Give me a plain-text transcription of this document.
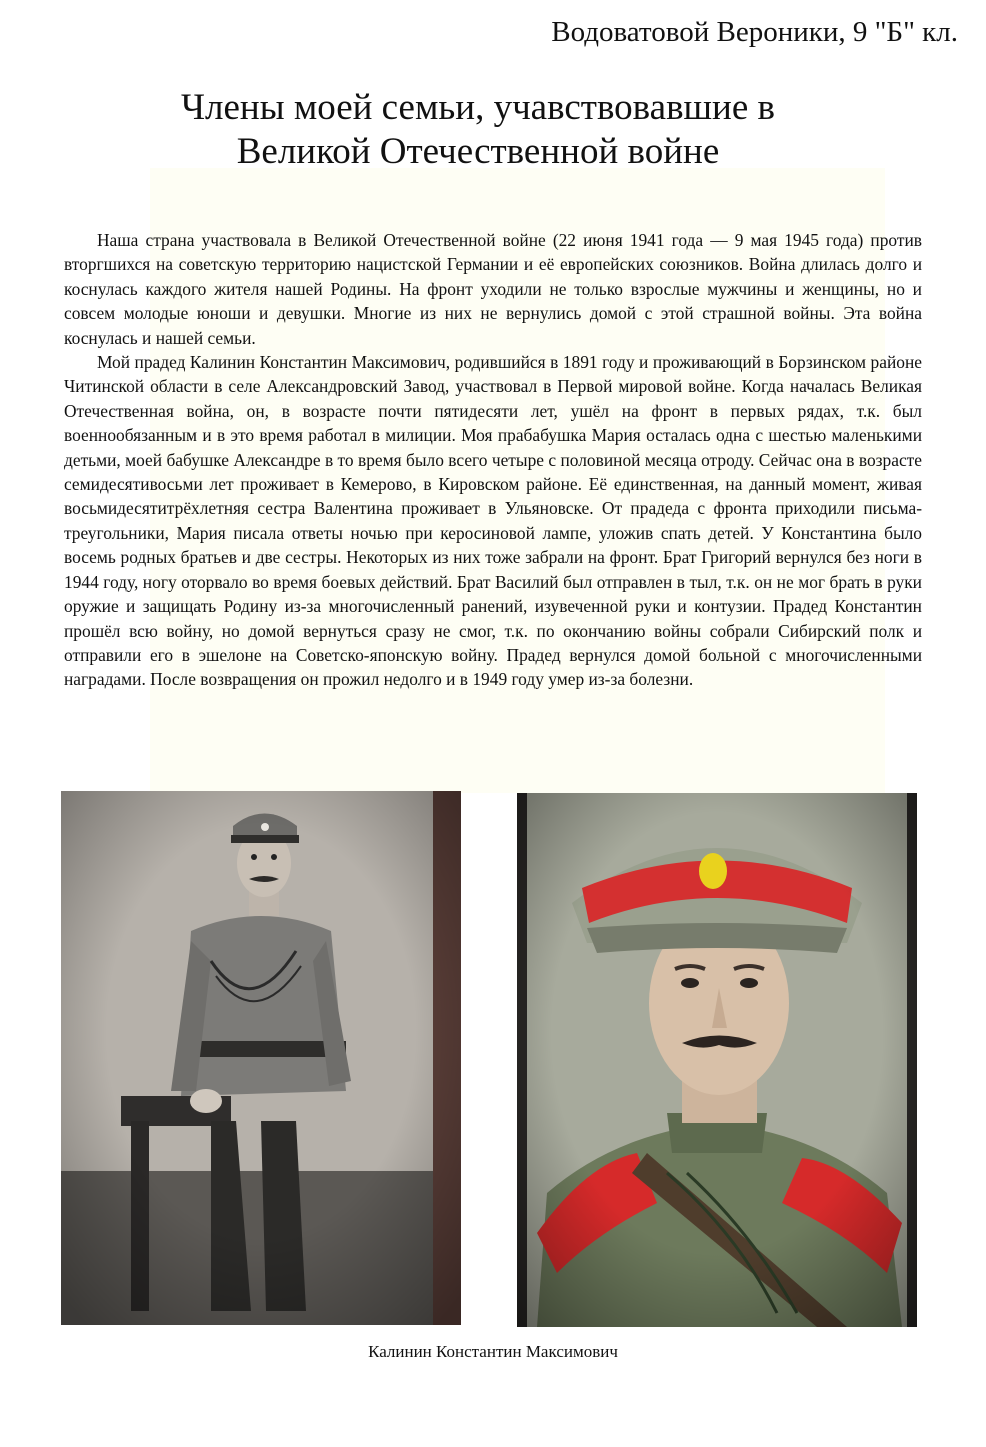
Водоватовой Вероники, 9 "Б" кл.
Члены моей семьи, учавствовавшие в
Великой Отечественной войне

Наша страна участвовала в Великой Отечественной войне (22 июня 1941 года — 9 мая 1945 года) против вторгшихся на советскую территорию нацистской Германии и её европейских союзников. Война длилась долго и коснулась каждого жителя нашей Родины. На фронт уходили не только взрослые мужчины и женщины, но и совсем молодые юноши и девушки. Многие из них не вернулись домой с этой страшной войны. Эта война коснулась и нашей семьи.

Мой прадед Калинин Константин Максимович, родившийся в 1891 году и проживающий в Борзинском районе Читинской области в селе Александровский Завод, участвовал в Первой мировой войне. Когда началась Великая Отечественная война, он, в возрасте почти пятидесяти лет, ушёл на фронт в первых рядах, т.к. был военнообязанным и в это время работал в милиции. Моя прабабушка Мария осталась одна с шестью маленькими детьми, моей бабушке Александре в то время было всего четыре с половиной месяца отроду. Сейчас она в возрасте семидесятивосьми лет проживает в Кемерово, в Кировском районе. Её единственная, на данный момент, живая восьмидесятитрёхлетняя сестра Валентина проживает в Ульяновске. От прадеда с фронта приходили письма-треугольники, Мария писала ответы ночью при керосиновой лампе, уложив спать детей. У Константина было восемь родных братьев и две сестры. Некоторых из них тоже забрали на фронт. Брат Григорий вернулся без ноги в 1944 году, ногу оторвало во время боевых действий. Брат Василий был отправлен в тыл, т.к. он не мог брать в руки оружие и защищать Родину из-за многочисленный ранений, изувеченной руки и контузии. Прадед Константин прошёл всю войну, но домой вернуться сразу не смог, т.к. по окончанию войны собрали Сибирский полк и отправили его в эшелоне на Советско-японскую войну. Прадед вернулся домой больной с многочисленными наградами. После возвращения он прожил недолго и в 1949 году умер из-за болезни.

Калинин Константин Максимович
